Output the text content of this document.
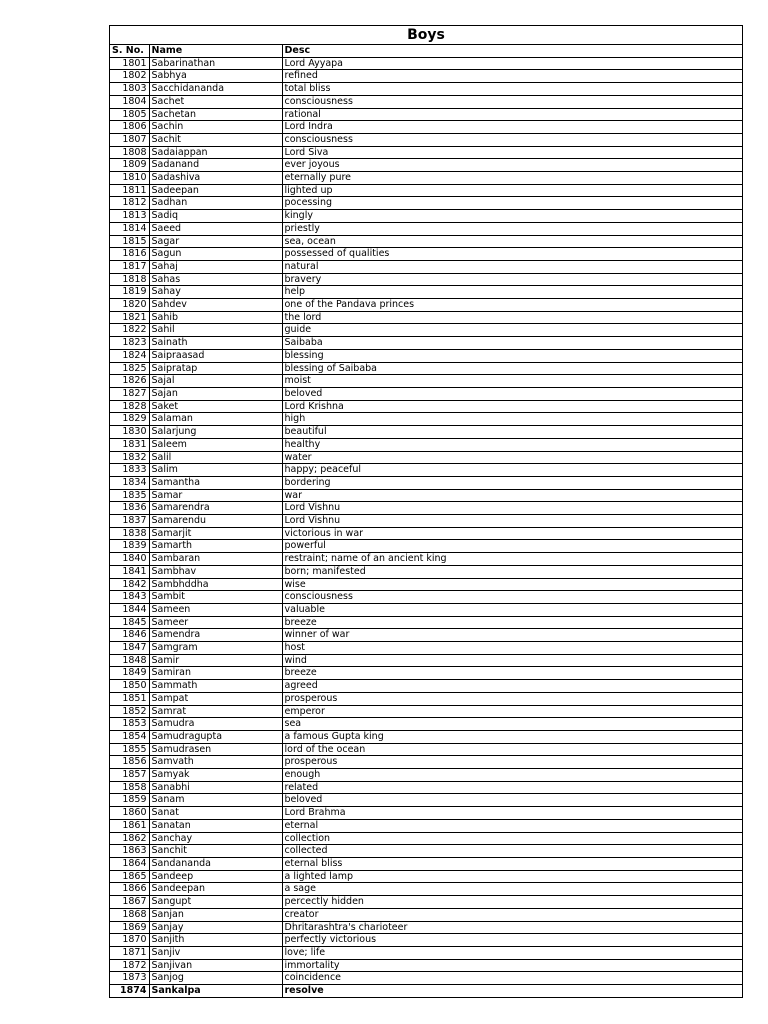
Boys
S. No.	Name	Desc
1801	Sabarinathan	Lord Ayyapa
1802	Sabhya	refined
1803	Sacchidananda	total bliss
1804	Sachet	consciousness
1805	Sachetan	rational
1806	Sachin	Lord Indra
1807	Sachit	consciousness
1808	Sadaiappan	Lord Siva
1809	Sadanand	ever joyous
1810	Sadashiva	eternally pure
1811	Sadeepan	lighted up
1812	Sadhan	pocessing
1813	Sadiq	kingly
1814	Saeed	priestly
1815	Sagar	sea, ocean
1816	Sagun	possessed of qualities
1817	Sahaj	natural
1818	Sahas	bravery
1819	Sahay	help
1820	Sahdev	one of the Pandava princes
1821	Sahib	the lord
1822	Sahil	guide
1823	Sainath	Saibaba
1824	Saipraasad	blessing
1825	Saipratap	blessing of Saibaba
1826	Sajal	moist
1827	Sajan	beloved
1828	Saket	Lord Krishna
1829	Salaman	high
1830	Salarjung	beautiful
1831	Saleem	healthy
1832	Salil	water
1833	Salim	happy; peaceful
1834	Samantha	bordering
1835	Samar	war
1836	Samarendra	Lord Vishnu
1837	Samarendu	Lord Vishnu
1838	Samarjit	victorious in war
1839	Samarth	powerful
1840	Sambaran	restraint; name of an ancient king
1841	Sambhav	born; manifested
1842	Sambhddha	wise
1843	Sambit	consciousness
1844	Sameen	valuable
1845	Sameer	breeze
1846	Samendra	winner of war
1847	Samgram	host
1848	Samir	wind
1849	Samiran	breeze
1850	Sammath	agreed
1851	Sampat	prosperous
1852	Samrat	emperor
1853	Samudra	sea
1854	Samudragupta	a famous Gupta king
1855	Samudrasen	lord of the ocean
1856	Samvath	prosperous
1857	Samyak	enough
1858	Sanabhi	related
1859	Sanam	beloved
1860	Sanat	Lord Brahma
1861	Sanatan	eternal
1862	Sanchay	collection
1863	Sanchit	collected
1864	Sandananda	eternal bliss
1865	Sandeep	a lighted lamp
1866	Sandeepan	a sage
1867	Sangupt	percectly hidden
1868	Sanjan	creator
1869	Sanjay	Dhritarashtra's charioteer
1870	Sanjith	perfectly victorious
1871	Sanjiv	love; life
1872	Sanjivan	immortality
1873	Sanjog	coincidence
1874	Sankalpa	resolve
